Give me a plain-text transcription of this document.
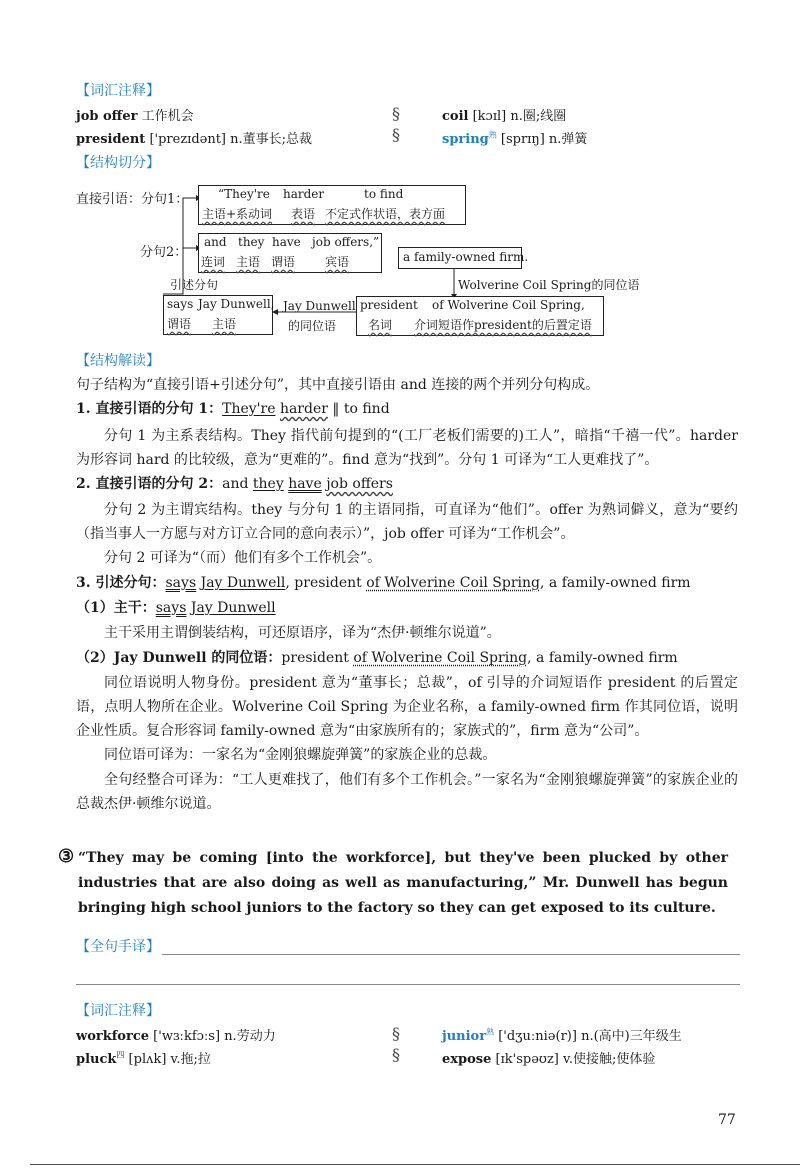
【词汇注释】
job offer 工作机会
president ['prezɪdənt] n.董事长;总裁
§
§
coil [kɔɪl] n.圈;线圈
spring$^熟$ [sprɪŋ] n.弹簧
【结构切分】
直接引语：分句1：
分句2：
“They're harder	to find
主语+系动词 表语 不定式作状语，表方面
and they have job offers,”
连词 主语 谓语 宾语	a family-owned firm.
Wolverine Coil Spring的同位语
引述分句
president of Wolverine Coil Spring,
名词 介词短语作president的后置定语
Jay Dunwell
的同位语
says Jay Dunwell,
谓语 主语
【结构解读】
句子结构为“直接引语+引述分句”，其中直接引语由 and 连接的两个并列分句构成。
1. 直接引语的分句 1：They're harder ‖ to find
分句 1 为主系表结构。They 指代前句提到的“(工厂老板们需要的)工人”，暗指“千禧一代”。harder 为形容词 hard 的比较级，意为“更难的”。find 意为“找到”。分句 1 可译为“工人更难找了”。
2. 直接引语的分句 2：and they have job offers
分句 2 为主谓宾结构。they 与分句 1 的主语同指，可直译为“他们”。offer 为熟词僻义，意为“要约（指当事人一方愿与对方订立合同的意向表示）”，job offer 可译为“工作机会”。
分句 2 可译为“（而）他们有多个工作机会”。
3. 引述分句：says Jay Dunwell, president of Wolverine Coil Spring, a family-owned firm
（1）主干：says Jay Dunwell
主干采用主谓倒装结构，可还原语序，译为“杰伊·顿维尔说道”。
（2）Jay Dunwell 的同位语：president of Wolverine Coil Spring, a family-owned firm
同位语说明人物身份。president 意为“董事长；总裁”，of 引导的介词短语作 president 的后置定语，点明人物所在企业。Wolverine Coil Spring 为企业名称，a family-owned firm 作其同位语，说明企业性质。复合形容词 family-owned 意为“由家族所有的；家族式的”，firm 意为“公司”。
同位语可译为：一家名为“金刚狼螺旋弹簧”的家族企业的总裁。
全句经整合可译为：“工人更难找了，他们有多个工作机会。”一家名为“金刚狼螺旋弹簧”的家族企业的总裁杰伊·顿维尔说道。
③ “They may be coming [into the workforce], but they've been plucked by other industries that are also doing as well as manufacturing,” Mr. Dunwell has begun bringing high school juniors to the factory so they can get exposed to its culture.
【全句手译】
【词汇注释】
workforce ['wɜːkfɔːs] n.劳动力
pluck$^四$ [plʌk] v.拖;拉
§
§
junior$^熟$ ['dʒuːniə(r)] n.(高中)三年级生
expose [ɪk'spəʊz] v.使接触;使体验
77
